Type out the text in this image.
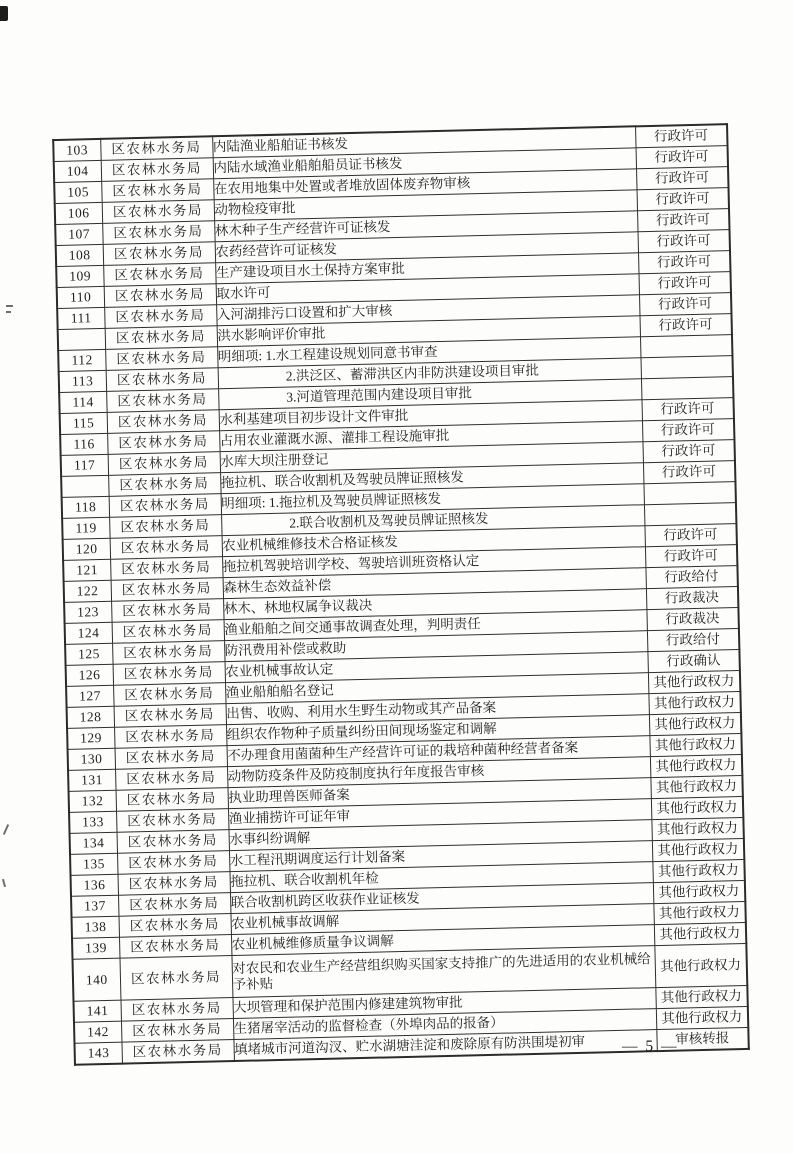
103	区农林水务局	内陆渔业船舶证书核发	行政许可
104	区农林水务局	内陆水域渔业船舶船员证书核发	行政许可
105	区农林水务局	在农用地集中处置或者堆放固体废弃物审核	行政许可
106	区农林水务局	动物检疫审批	行政许可
107	区农林水务局	林木种子生产经营许可证核发	行政许可
108	区农林水务局	农药经营许可证核发	行政许可
109	区农林水务局	生产建设项目水土保持方案审批	行政许可
110	区农林水务局	取水许可	行政许可
111	区农林水务局	入河湖排污口设置和扩大审核	行政许可
	区农林水务局	洪水影响评价审批	行政许可
112	区农林水务局	明细项: 1.水工程建设规划同意书审查	
113	区农林水务局	　　　　　2.洪泛区、蓄滞洪区内非防洪建设项目审批	
114	区农林水务局	　　　　　3.河道管理范围内建设项目审批	
115	区农林水务局	水利基建项目初步设计文件审批	行政许可
116	区农林水务局	占用农业灌溉水源、灌排工程设施审批	行政许可
117	区农林水务局	水库大坝注册登记	行政许可
	区农林水务局	拖拉机、联合收割机及驾驶员牌证照核发	行政许可
118	区农林水务局	明细项: 1.拖拉机及驾驶员牌证照核发	
119	区农林水务局	　　　　　2.联合收割机及驾驶员牌证照核发	
120	区农林水务局	农业机械维修技术合格证核发	行政许可
121	区农林水务局	拖拉机驾驶培训学校、驾驶培训班资格认定	行政许可
122	区农林水务局	森林生态效益补偿	行政给付
123	区农林水务局	林木、林地权属争议裁决	行政裁决
124	区农林水务局	渔业船舶之间交通事故调查处理，判明责任	行政裁决
125	区农林水务局	防汛费用补偿或救助	行政给付
126	区农林水务局	农业机械事故认定	行政确认
127	区农林水务局	渔业船舶船名登记	其他行政权力
128	区农林水务局	出售、收购、利用水生野生动物或其产品备案	其他行政权力
129	区农林水务局	组织农作物种子质量纠纷田间现场鉴定和调解	其他行政权力
130	区农林水务局	不办理食用菌菌种生产经营许可证的栽培种菌种经营者备案	其他行政权力
131	区农林水务局	动物防疫条件及防疫制度执行年度报告审核	其他行政权力
132	区农林水务局	执业助理兽医师备案	其他行政权力
133	区农林水务局	渔业捕捞许可证年审	其他行政权力
134	区农林水务局	水事纠纷调解	其他行政权力
135	区农林水务局	水工程汛期调度运行计划备案	其他行政权力
136	区农林水务局	拖拉机、联合收割机年检	其他行政权力
137	区农林水务局	联合收割机跨区收获作业证核发	其他行政权力
138	区农林水务局	农业机械事故调解	其他行政权力
139	区农林水务局	农业机械维修质量争议调解	其他行政权力
140	区农林水务局	对农民和农业生产经营组织购买国家支持推广的先进适用的农业机械给予补贴	其他行政权力
141	区农林水务局	大坝管理和保护范围内修建建筑物审批	其他行政权力
142	区农林水务局	生猪屠宰活动的监督检查（外埠肉品的报备）	其他行政权力
143	区农林水务局	填堵城市河道沟汊、贮水湖塘洼淀和废除原有防洪围堤初审	审核转报
— 5 —
